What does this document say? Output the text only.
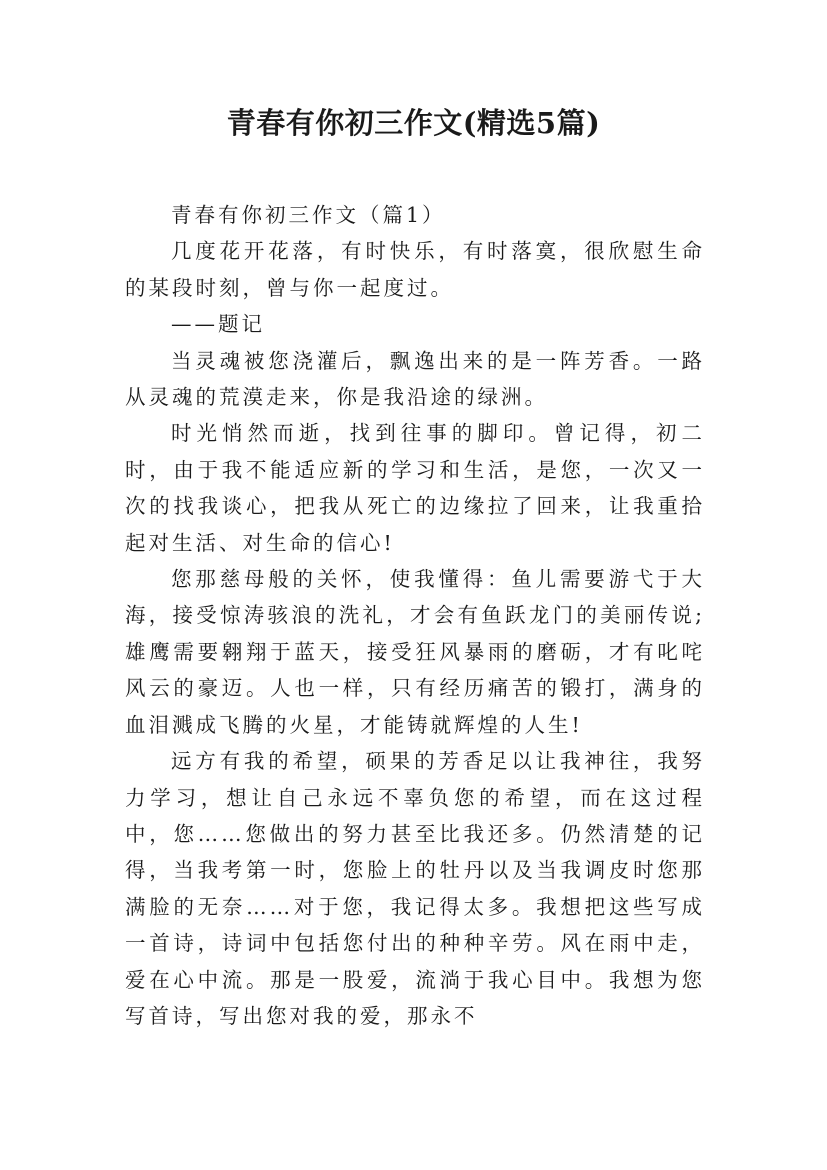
青春有你初三作文(精选5篇)

青春有你初三作文（篇1）

几度花开花落，有时快乐，有时落寞，很欣慰生命的某段时刻，曾与你一起度过。

——题记

当灵魂被您浇灌后，飘逸出来的是一阵芳香。一路从灵魂的荒漠走来，你是我沿途的绿洲。

时光悄然而逝，找到往事的脚印。曾记得，初二时，由于我不能适应新的学习和生活，是您，一次又一次的找我谈心，把我从死亡的边缘拉了回来，让我重拾起对生活、对生命的信心!

您那慈母般的关怀，使我懂得：鱼儿需要游弋于大海，接受惊涛骇浪的洗礼，才会有鱼跃龙门的美丽传说;雄鹰需要翱翔于蓝天，接受狂风暴雨的磨砺，才有叱咤风云的豪迈。人也一样，只有经历痛苦的锻打，满身的血泪溅成飞腾的火星，才能铸就辉煌的人生!

远方有我的希望，硕果的芳香足以让我神往，我努力学习，想让自己永远不辜负您的希望，而在这过程中，您……您做出的努力甚至比我还多。仍然清楚的记得，当我考第一时，您脸上的牡丹以及当我调皮时您那满脸的无奈……对于您，我记得太多。我想把这些写成一首诗，诗词中包括您付出的种种辛劳。风在雨中走，爱在心中流。那是一股爱，流淌于我心目中。我想为您写首诗，写出您对我的爱，那永不
